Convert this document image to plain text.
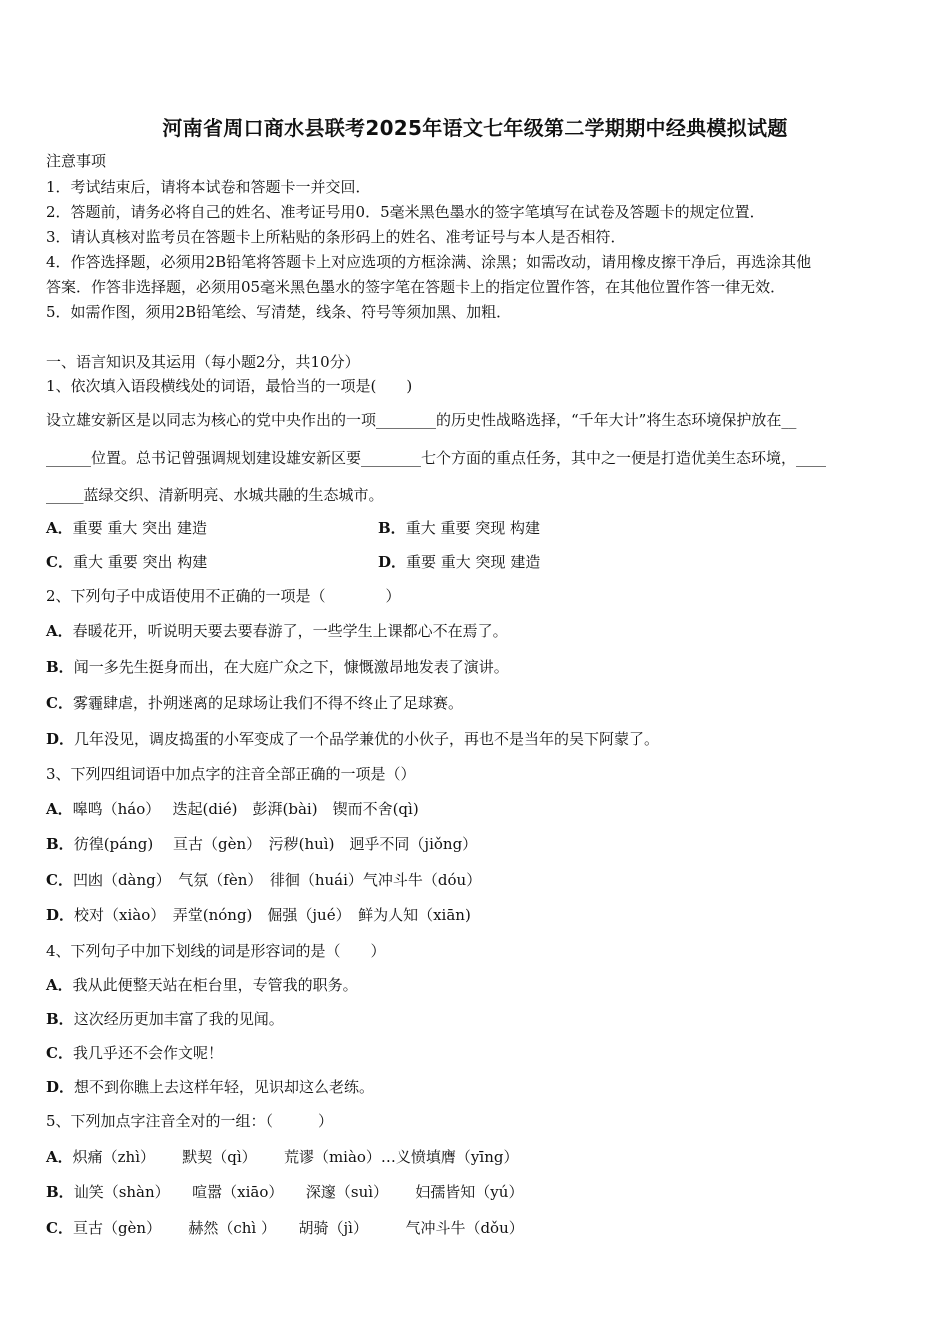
河南省周口商水县联考2025年语文七年级第二学期期中经典模拟试题
注意事项
1．考试结束后，请将本试卷和答题卡一并交回．
2．答题前，请务必将自己的姓名、准考证号用0．5毫米黑色墨水的签字笔填写在试卷及答题卡的规定位置．
3．请认真核对监考员在答题卡上所粘贴的条形码上的姓名、准考证号与本人是否相符．
4．作答选择题，必须用2B铅笔将答题卡上对应选项的方框涂满、涂黑；如需改动，请用橡皮擦干净后，再选涂其他
答案．作答非选择题，必须用05毫米黑色墨水的签字笔在答题卡上的指定位置作答，在其他位置作答一律无效．
5．如需作图，须用2B铅笔绘、写清楚，线条、符号等须加黑、加粗．
一、语言知识及其运用（每小题2分，共10分）
1、依次填入语段横线处的词语，最恰当的一项是(　　)
设立雄安新区是以同志为核心的党中央作出的一项________的历史性战略选择，“千年大计”将生态环境保护放在__
______位置。总书记曾强调规划建设雄安新区要________七个方面的重点任务，其中之一便是打造优美生态环境，____
_____蓝绿交织、清新明亮、水城共融的生态城市。
A．重要 重大 突出 建造	B．重大 重要 突现 构建
C．重大 重要 突出 构建	D．重要 重大 突现 建造
2、下列句子中成语使用不正确的一项是（　　　　）
A．春暖花开，听说明天要去要春游了，一些学生上课都心不在焉了。
B．闻一多先生挺身而出，在大庭广众之下，慷慨激昂地发表了演讲。
C．雾霾肆虐，扑朔迷离的足球场让我们不得不终止了足球赛。
D．几年没见，调皮捣蛋的小军变成了一个品学兼优的小伙子，再也不是当年的吴下阿蒙了。
3、下列四组词语中加点字的注音全部正确的一项是（）
A．嗥鸣（háo）　 迭起(dié)　彭湃(bài)　锲而不舍(qì)
B．彷徨(páng)　 亘古（gèn）　污秽(huì)　迥乎不同（jiǒng）
C．凹凼（dàng）　气氛（fèn）　徘徊（huái）气冲斗牛（dóu）
D．校对（xiào）　弄堂(nóng)　倔强（jué）　鲜为人知（xiān)
4、下列句子中加下划线的词是形容词的是（　　）
A．我从此便整天站在柜台里，专管我的职务。
B．这次经历更加丰富了我的见闻。
C．我几乎还不会作文呢！
D．想不到你瞧上去这样年轻，见识却这么老练。
5、下列加点字注音全对的一组：（　　　）
A．炽痛（zhì）　　 默契（qì）　　 荒谬（miào）…义愤填膺（yīng）
B．讪笑（shàn）　　喧嚣（xiāo）　　深邃（suì）　　 妇孺皆知（yú）
C．亘古（gèn）　　 赫然（chì ）　　胡骑（jì）　　　气冲斗牛（dǒu）
